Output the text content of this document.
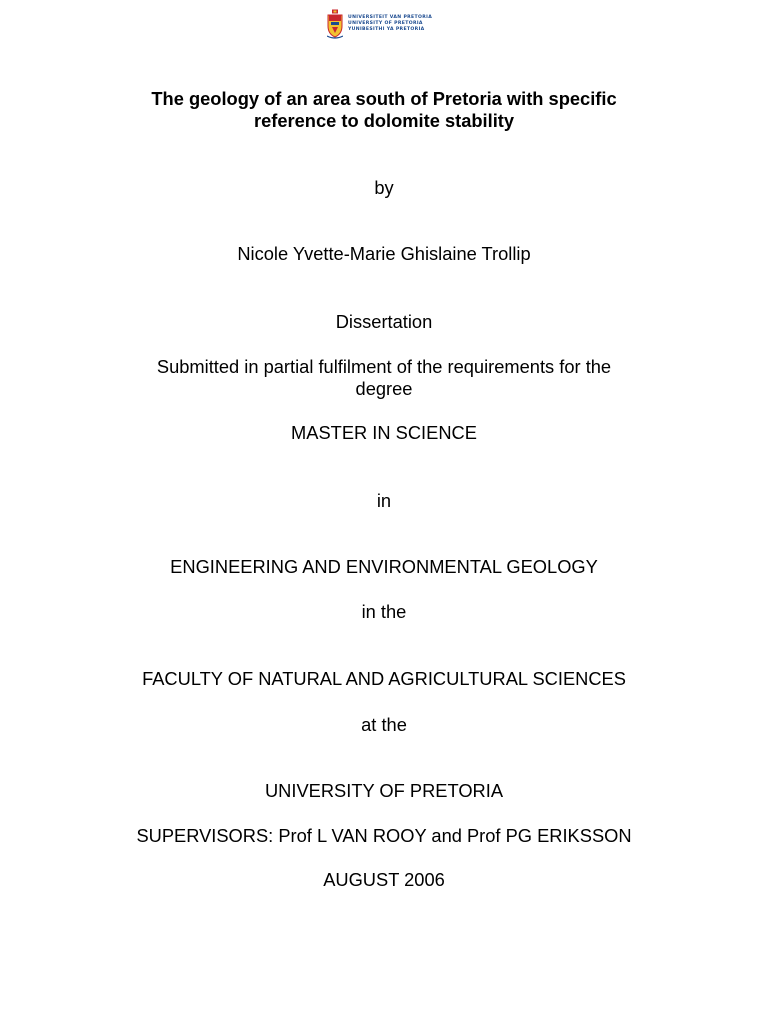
UNIVERSITEIT VAN PRETORIA
UNIVERSITY OF PRETORIA
YUNIBESITHI YA PRETORIA
The geology of an area south of Pretoria with specific
reference to dolomite stability
by
Nicole Yvette-Marie Ghislaine Trollip
Dissertation
Submitted in partial fulfilment of the requirements for the
degree
MASTER IN SCIENCE
in
ENGINEERING AND ENVIRONMENTAL GEOLOGY
in the
FACULTY OF NATURAL AND AGRICULTURAL SCIENCES
at the
UNIVERSITY OF PRETORIA
SUPERVISORS: Prof L VAN ROOY and Prof PG ERIKSSON
AUGUST 2006
